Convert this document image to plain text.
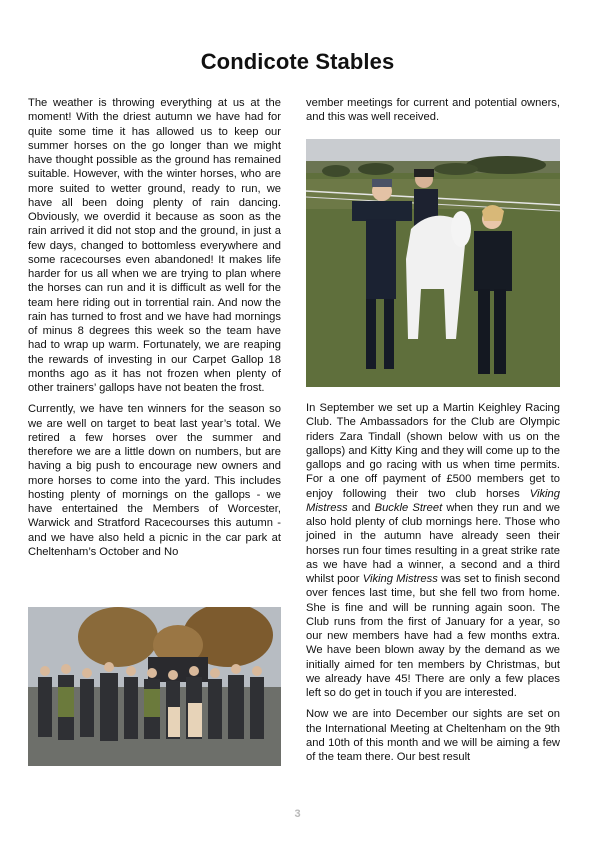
Condicote Stables

The weather is throwing everything at us at the moment! With the driest autumn we have had for quite some time it has allowed us to keep our summer horses on the go longer than we might have thought possible as the ground has remained suitable. However, with the winter horses, who are more suited to wetter ground, ready to run, we have all been doing plenty of rain dancing. Obviously, we overdid it because as soon as the rain arrived it did not stop and the ground, in just a few days, changed to bottomless everywhere and some racecourses even abandoned! It makes life harder for us all when we are trying to plan where the horses can run and it is difficult as well for the team here riding out in torrential rain. And now the rain has turned to frost and we have had mornings of minus 8 degrees this week so the team have had to wrap up warm. Fortunately, we are reaping the rewards of investing in our Carpet Gallop 18 months ago as it has not frozen when plenty of other trainers’ gallops have not beaten the frost.

Currently, we have ten winners for the season so we are well on target to beat last year’s total. We retired a few horses over the summer and therefore we are a little down on numbers, but are having a big push to encourage new owners and more horses to come into the yard. This includes hosting plenty of mornings on the gallops - we have entertained the Members of Worcester, Warwick and Stratford Racecourses this autumn - and we have also held a picnic in the car park at Cheltenham’s October and No

vember meetings for current and potential owners, and this was well received.

In September we set up a Martin Keighley Racing Club. The Ambassadors for the Club are Olympic riders Zara Tindall (shown below with us on the gallops) and Kitty King and they will come up to the gallops and go racing with us when time permits. For a one off payment of £500 members get to enjoy following their two club horses Viking Mistress and Buckle Street when they run and we also hold plenty of club mornings here. Those who joined in the autumn have already seen their horses run four times resulting in a great strike rate as we have had a winner, a second and a third whilst poor Viking Mistress was set to finish second over fences last time, but she fell two from home. She is fine and will be running again soon. The Club runs from the first of January for a year, so our new members have had a few months extra. We have been blown away by the demand as we initially aimed for ten members by Christmas, but we already have 45! There are only a few places left so do get in touch if you are interested.

Now we are into December our sights are set on the International Meeting at Cheltenham on the 9th and 10th of this month and we will be aiming a few of the team there. Our best result

3
